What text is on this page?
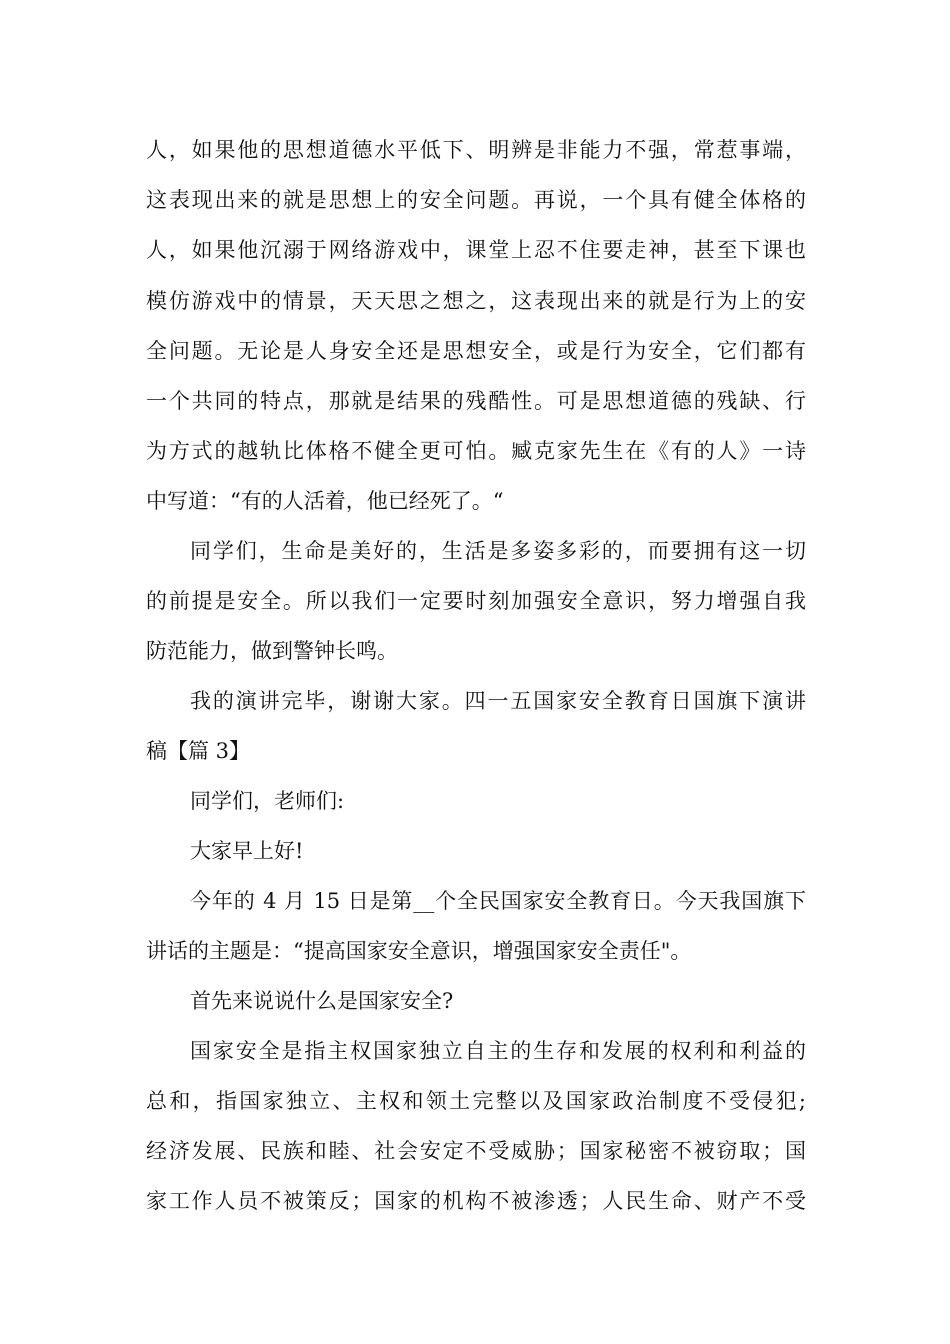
人，如果他的思想道德水平低下、明辨是非能力不强，常惹事端，
这表现出来的就是思想上的安全问题。再说，一个具有健全体格的
人，如果他沉溺于网络游戏中，课堂上忍不住要走神，甚至下课也
模仿游戏中的情景，天天思之想之，这表现出来的就是行为上的安
全问题。无论是人身安全还是思想安全，或是行为安全，它们都有
一个共同的特点，那就是结果的残酷性。可是思想道德的残缺、行
为方式的越轨比体格不健全更可怕。臧克家先生在《有的人》一诗
中写道：“有的人活着，他已经死了。“
同学们，生命是美好的，生活是多姿多彩的，而要拥有这一切
的前提是安全。所以我们一定要时刻加强安全意识，努力增强自我
防范能力，做到警钟长鸣。
我的演讲完毕，谢谢大家。四一五国家安全教育日国旗下演讲
稿【篇 3】
同学们，老师们:
大家早上好!
今年的 4 月 15 日是第__个全民国家安全教育日。今天我国旗下
讲话的主题是：“提高国家安全意识，增强国家安全责任"。
首先来说说什么是国家安全?
国家安全是指主权国家独立自主的生存和发展的权利和利益的
总和，指国家独立、主权和领土完整以及国家政治制度不受侵犯;
经济发展、民族和睦、社会安定不受威胁；国家秘密不被窃取；国
家工作人员不被策反；国家的机构不被渗透；人民生命、财产不受
